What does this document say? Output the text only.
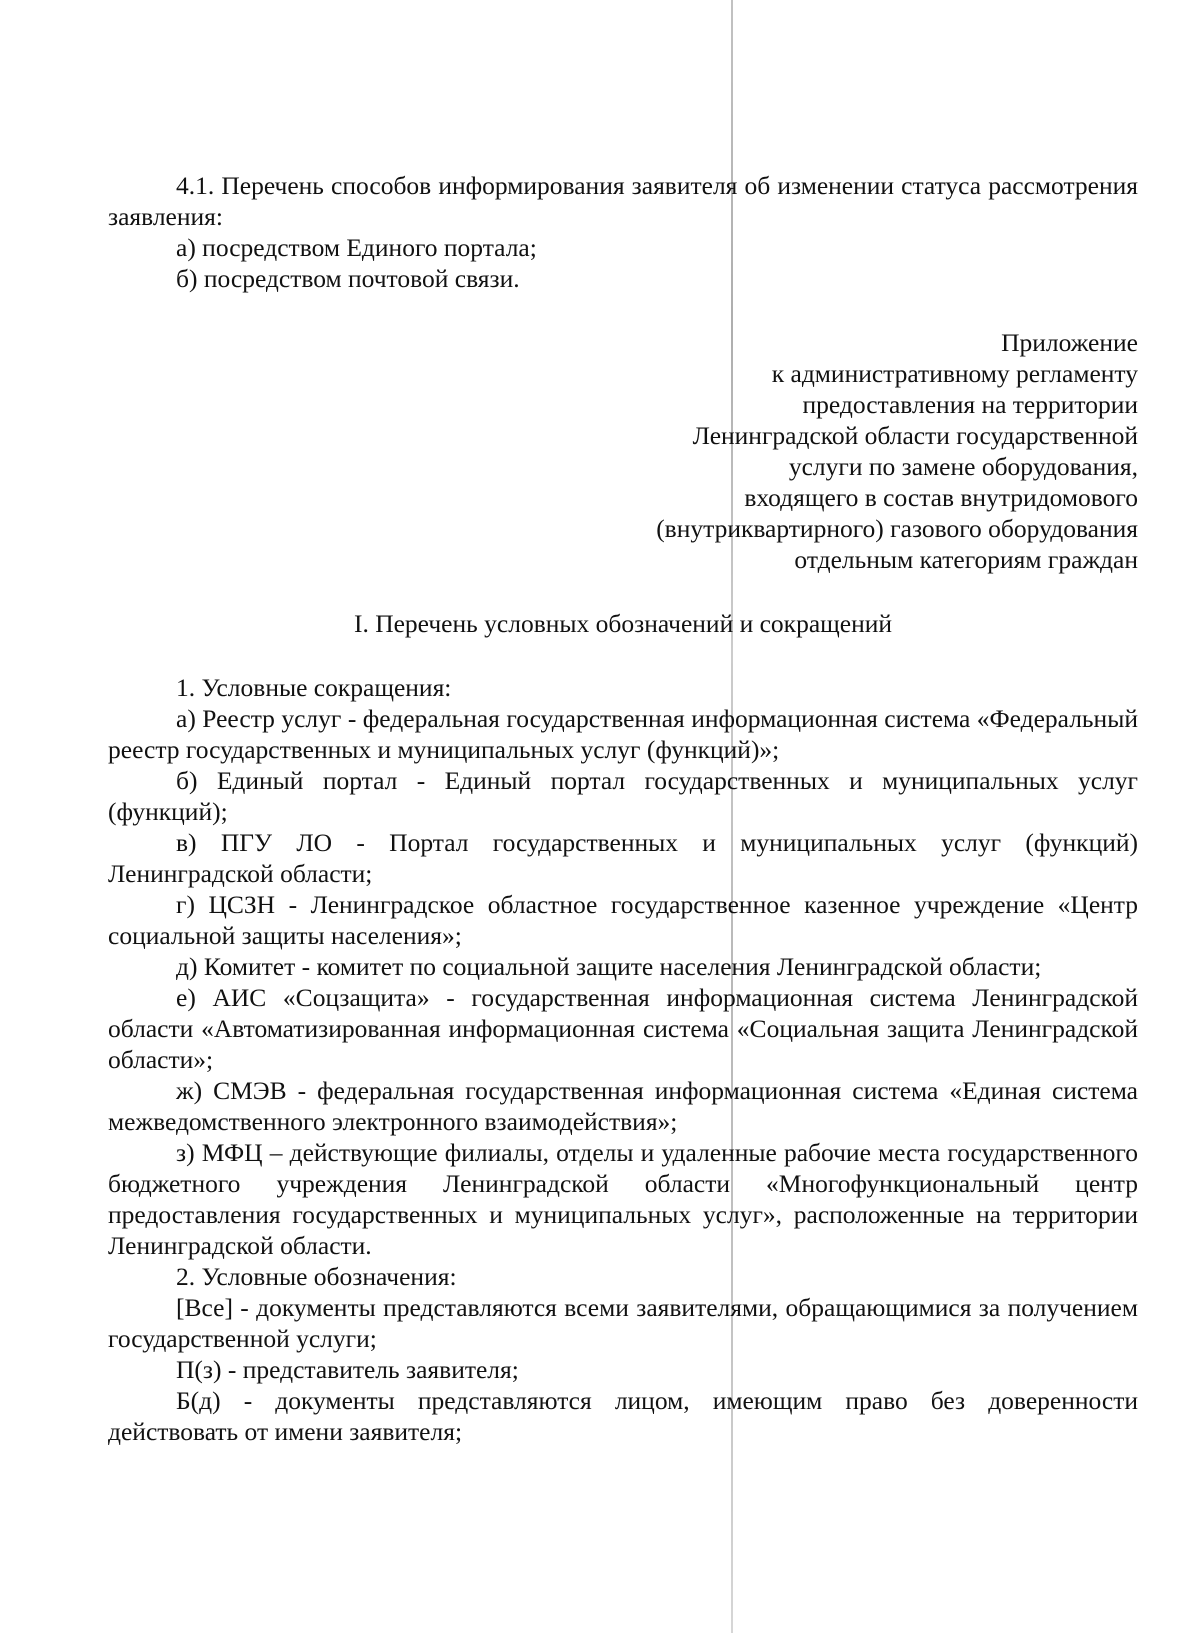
4.1. Перечень способов информирования заявителя об изменении статуса рассмотрения заявления:

а) посредством Единого портала;

б) посредством почтовой связи.

Приложение
к административному регламенту
предоставления на территории
Ленинградской области государственной
услуги по замене оборудования,
входящего в состав внутридомового
(внутриквартирного) газового оборудования
отдельным категориям граждан
I. Перечень условных обозначений и сокращений

1. Условные сокращения:

а) Реестр услуг - федеральная государственная информационная система «Федеральный реестр государственных и муниципальных услуг (функций)»;

б) Единый портал - Единый портал государственных и муниципальных услуг (функций);

в) ПГУ ЛО - Портал государственных и муниципальных услуг (функций) Ленинградской области;

г) ЦСЗН - Ленинградское областное государственное казенное учреждение «Центр социальной защиты населения»;

д) Комитет - комитет по социальной защите населения Ленинградской области;

е) АИС «Соцзащита» - государственная информационная система Ленинградской области «Автоматизированная информационная система «Социальная защита Ленинградской области»;

ж) СМЭВ - федеральная государственная информационная система «Единая система межведомственного электронного взаимодействия»;

з) МФЦ – действующие филиалы, отделы и удаленные рабочие места государственного бюджетного учреждения Ленинградской области «Многофункциональный центр предоставления государственных и муниципальных услуг», расположенные на территории Ленинградской области.

2. Условные обозначения:

[Все] - документы представляются всеми заявителями, обращающимися за получением государственной услуги;

П(з) - представитель заявителя;

Б(д) - документы представляются лицом, имеющим право без доверенности действовать от имени заявителя;
